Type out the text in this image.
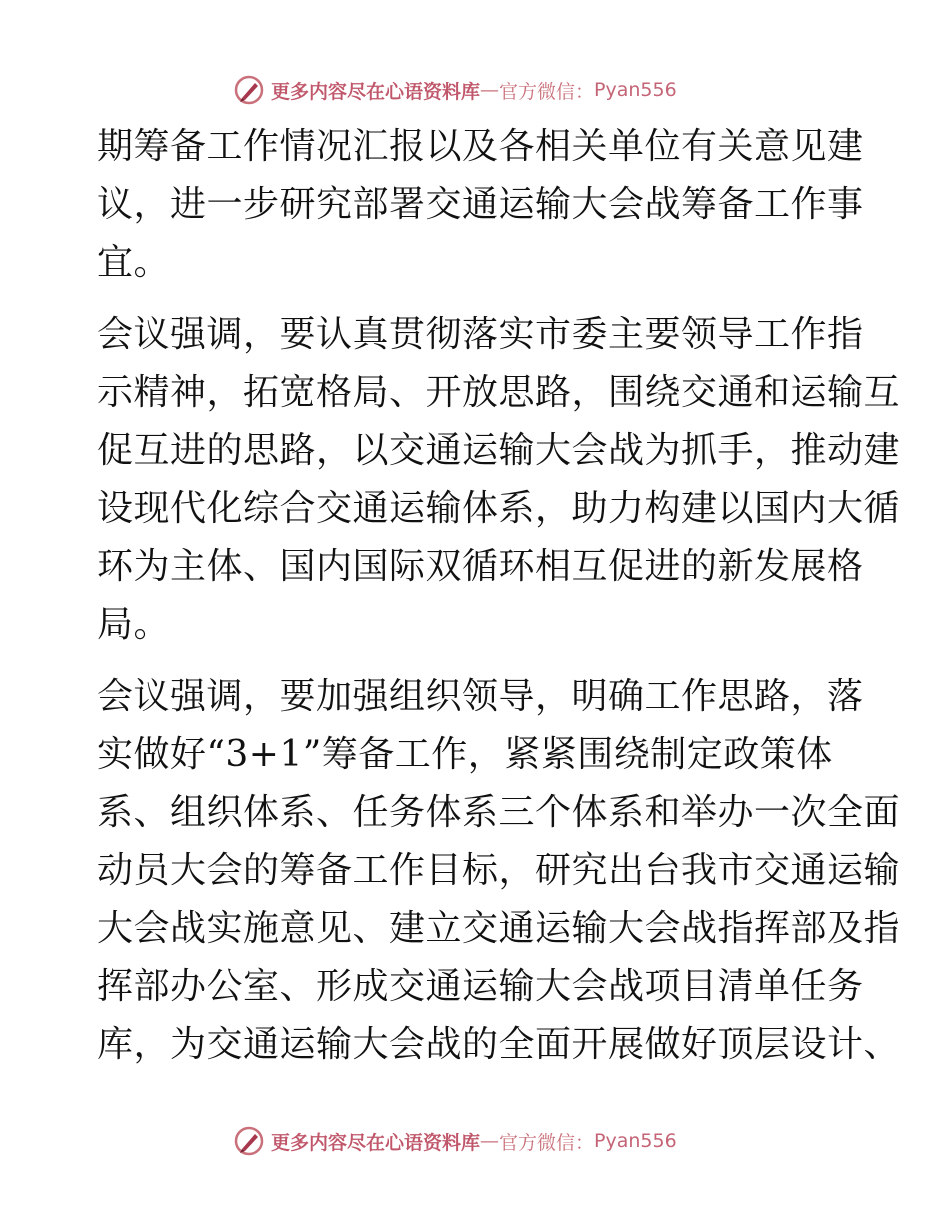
更多内容尽在心语资料库 — 官方微信： Pyan556

期筹备工作情况汇报以及各相关单位有关意见建
议，进一步研究部署交通运输大会战筹备工作事
宜。

会议强调，要认真贯彻落实市委主要领导工作指
示精神，拓宽格局、开放思路，围绕交通和运输互
促互进的思路，以交通运输大会战为抓手，推动建
设现代化综合交通运输体系，助力构建以国内大循
环为主体、国内国际双循环相互促进的新发展格
局。

会议强调，要加强组织领导，明确工作思路，落
实做好“3+1”筹备工作，紧紧围绕制定政策体
系、组织体系、任务体系三个体系和举办一次全面
动员大会的筹备工作目标，研究出台我市交通运输
大会战实施意见、建立交通运输大会战指挥部及指
挥部办公室、形成交通运输大会战项目清单任务
库，为交通运输大会战的全面开展做好顶层设计、

更多内容尽在心语资料库 — 官方微信： Pyan556
